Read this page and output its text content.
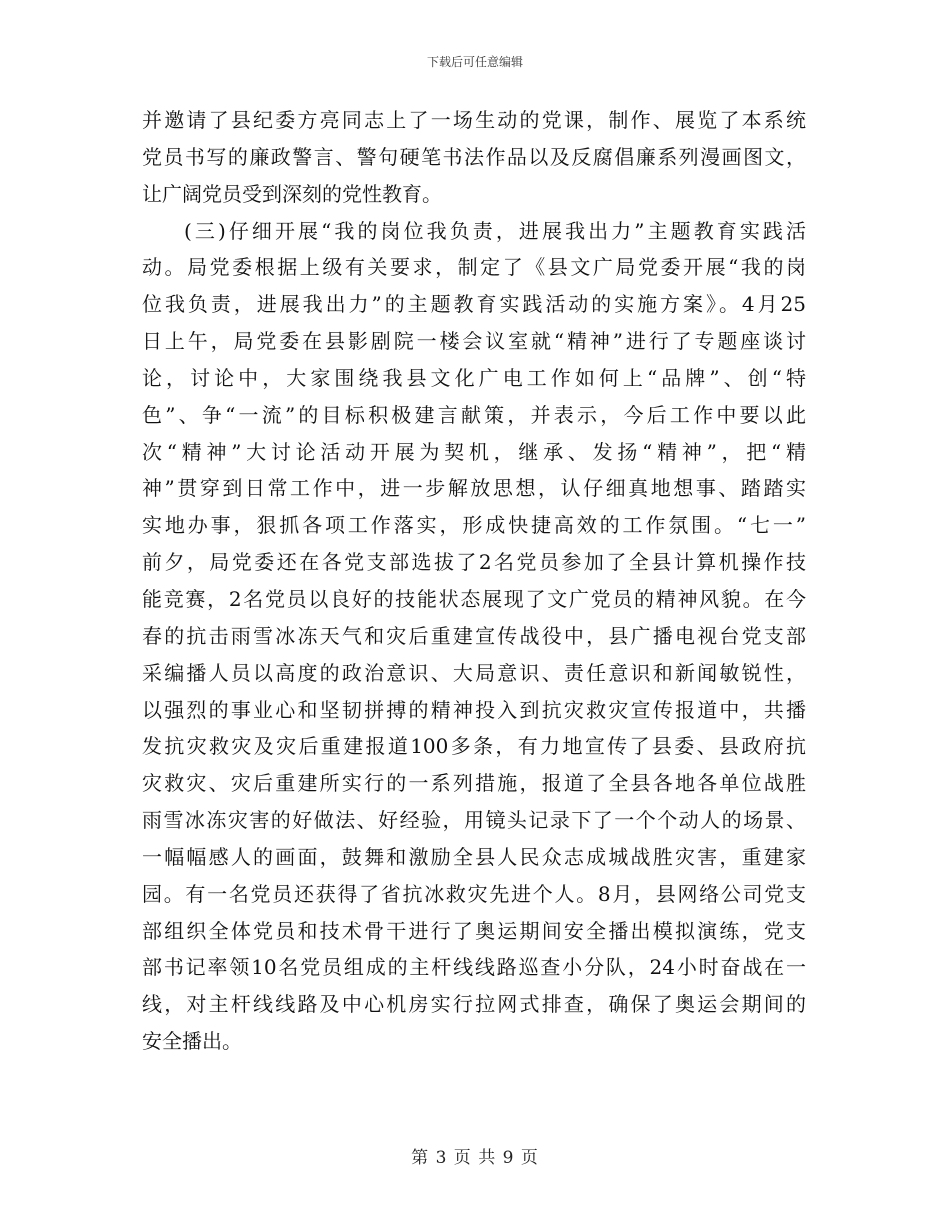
下载后可任意编辑
并邀请了县纪委方亮同志上了一场生动的党课，制作、展览了本系统
党员书写的廉政警言、警句硬笔书法作品以及反腐倡廉系列漫画图文，
让广阔党员受到深刻的党性教育。
(三)仔细开展“我的岗位我负责，进展我出力”主题教育实践活
动。局党委根据上级有关要求，制定了《县文广局党委开展“我的岗
位我负责，进展我出力”的主题教育实践活动的实施方案》。4月25
日上午，局党委在县影剧院一楼会议室就“精神”进行了专题座谈讨
论，讨论中，大家围绕我县文化广电工作如何上“品牌”、创“特
色”、争“一流”的目标积极建言献策，并表示，今后工作中要以此
次“精神”大讨论活动开展为契机，继承、发扬“精神”，把“精
神”贯穿到日常工作中，进一步解放思想，认仔细真地想事、踏踏实
实地办事，狠抓各项工作落实，形成快捷高效的工作氛围。“七一”
前夕，局党委还在各党支部选拔了2名党员参加了全县计算机操作技
能竞赛，2名党员以良好的技能状态展现了文广党员的精神风貌。在今
春的抗击雨雪冰冻天气和灾后重建宣传战役中，县广播电视台党支部
采编播人员以高度的政治意识、大局意识、责任意识和新闻敏锐性，
以强烈的事业心和坚韧拼搏的精神投入到抗灾救灾宣传报道中，共播
发抗灾救灾及灾后重建报道100多条，有力地宣传了县委、县政府抗
灾救灾、灾后重建所实行的一系列措施，报道了全县各地各单位战胜
雨雪冰冻灾害的好做法、好经验，用镜头记录下了一个个动人的场景、
一幅幅感人的画面，鼓舞和激励全县人民众志成城战胜灾害，重建家
园。有一名党员还获得了省抗冰救灾先进个人。8月，县网络公司党支
部组织全体党员和技术骨干进行了奥运期间安全播出模拟演练，党支
部书记率领10名党员组成的主杆线线路巡查小分队，24小时奋战在一
线，对主杆线线路及中心机房实行拉网式排查，确保了奥运会期间的
安全播出。
第 3 页 共 9 页
